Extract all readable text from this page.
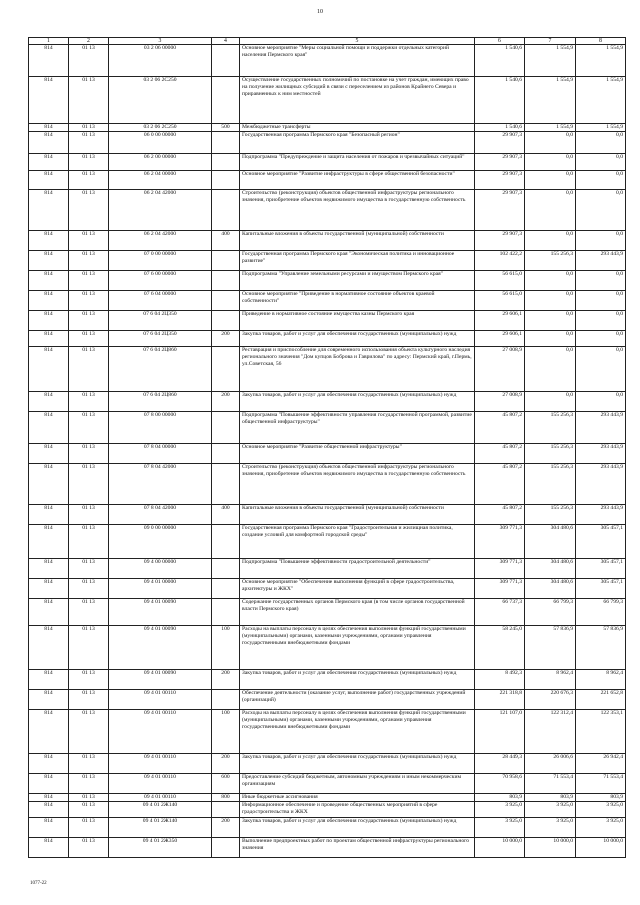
10
1	2	3	4	5	6	7	8
814	01 13	03 2 06 00000		Основное мероприятие "Меры социальной помощи и поддержки отдельных категорий населения Пермского края"	1 540,6	1 554,9	1 554,9
814	01 13	03 2 06 2С250		Осуществление государственных полномочий по постановке на учет граждан, имеющих право на получение жилищных субсидий в связи с переселением из районов Крайнего Севера и приравненных к ним местностей	1 540,6	1 554,9	1 554,9
814	01 13	03 2 06 2С250	500	Межбюджетные трансферты	1 540,6	1 554,9	1 554,9
814	01 13	06 0 00 00000		Государственная программа Пермского края "Безопасный регион"	29 907,3	0,0	0,0
814	01 13	06 2 00 00000		Подпрограмма "Предупреждение и защита населения от пожаров и чрезвычайных ситуаций"	29 907,3	0,0	0,0
814	01 13	06 2 04 00000		Основное мероприятие "Развитие инфраструктуры в сфере общественной безопасности"	29 907,3	0,0	0,0
814	01 13	06 2 04 42000		Строительство (реконструкция) объектов общественной инфраструктуры регионального значения, приобретение объектов недвижимого имущества в государственную собственность	29 907,3	0,0	0,0
814	01 13	06 2 04 42000	400	Капитальные вложения в объекты государственной (муниципальной) собственности	29 907,3	0,0	0,0
814	01 13	07 0 00 00000		Государственная программа Пермского края "Экономическая политика и инновационное развитие"	102 422,2	155 256,3	293 443,9
814	01 13	07 6 00 00000		Подпрограмма "Управление земельными ресурсами и имуществом Пермского края"	56 615,0	0,0	0,0
814	01 13	07 6 04 00000		Основное мероприятие "Приведение в нормативное состояние объектов краевой собственности"	56 615,0	0,0	0,0
814	01 13	07 6 04 2Ц350		Приведение в нормативное состояние имущества казны Пермского края	29 606,1	0,0	0,0
814	01 13	07 6 04 2Ц350	200	Закупка товаров, работ и услуг для обеспечения государственных (муниципальных) нужд	29 606,1	0,0	0,0
814	01 13	07 6 04 2Ц860		Реставрация и приспособление для современного использования объекта культурного наследия регионального значения "Дом купцов Боброва и Гаврилова" по адресу: Пермский край, г.Пермь, ул.Советская, 56	27 008,9	0,0	0,0
814	01 13	07 6 04 2Ц860	200	Закупка товаров, работ и услуг для обеспечения государственных (муниципальных) нужд	27 008,9	0,0	0,0
814	01 13	07 8 00 00000		Подпрограмма "Повышение эффективности управления государственной программой, развитие общественной инфраструктуры"	45 807,2	155 256,3	293 443,9
814	01 13	07 8 04 00000		Основное мероприятие "Развитие общественной инфраструктуры"	45 807,2	155 256,3	293 443,9
814	01 13	07 8 04 42000		Строительство (реконструкция) объектов общественной инфраструктуры регионального значения, приобретение объектов недвижимого имущества в государственную собственность	45 807,2	155 256,3	293 443,9
814	01 13	07 8 04 42000	400	Капитальные вложения в объекты государственной (муниципальной) собственности	45 807,2	155 256,3	293 443,9
814	01 13	09 0 00 00000		Государственная программа Пермского края "Градостроительная и жилищная политика, создание условий для комфортной городской среды"	309 771,3	304 480,6	305 457,1
814	01 13	09 4 00 00000		Подпрограмма "Повышение эффективности градостроительной деятельности"	309 771,3	304 480,6	305 457,1
814	01 13	09 4 01 00000		Основное мероприятие "Обеспечение выполнения функций в сфере градостроительства, архитектуры и ЖКХ"	309 771,3	304 480,6	305 457,1
814	01 13	09 4 01 00090		Содержание государственных органов Пермского края (в том числе органов государственной власти Пермского края)	66 737,3	66 799,3	66 799,3
814	01 13	09 4 01 00090	100	Расходы на выплаты персоналу в целях обеспечения выполнения функций государственными (муниципальными) органами, казенными учреждениями, органами управления государственными внебюджетными фондами	58 245,0	57 836,9	57 836,9
814	01 13	09 4 01 00090	200	Закупка товаров, работ и услуг для обеспечения государственных (муниципальных) нужд	8 492,3	8 962,4	8 962,4
814	01 13	09 4 01 00110		Обеспечение деятельности (оказание услуг, выполнение работ) государственных учреждений (организаций)	221 318,8	220 676,3	221 652,8
814	01 13	09 4 01 00110	100	Расходы на выплаты персоналу в целях обеспечения выполнения функций государственными (муниципальными) органами, казенными учреждениями, органами управления государственными внебюджетными фондами	121 107,0	122 312,4	122 353,1
814	01 13	09 4 01 00110	200	Закупка товаров, работ и услуг для обеспечения государственных (муниципальных) нужд	28 449,3	26 006,6	26 942,4
814	01 13	09 4 01 00110	600	Предоставление субсидий бюджетным, автономным учреждениям и иным некоммерческим организациям	70 958,6	71 553,4	71 553,4
814	01 13	09 4 01 00110	800	Иные бюджетные ассигнования	803,9	803,9	803,9
814	01 13	09 4 01 2Ж140		Информационное обеспечение и проведение общественных мероприятий в сфере градостроительства и ЖКХ	3 925,0	3 925,0	3 925,0
814	01 13	09 4 01 2Ж140	200	Закупка товаров, работ и услуг для обеспечения государственных (муниципальных) нужд	3 925,0	3 925,0	3 925,0
814	01 13	09 4 01 2Ж350		Выполнение предпроектных работ по проектам общественной инфраструктуры регионального значения	10 000,0	10 000,0	10 000,0
1077-22
